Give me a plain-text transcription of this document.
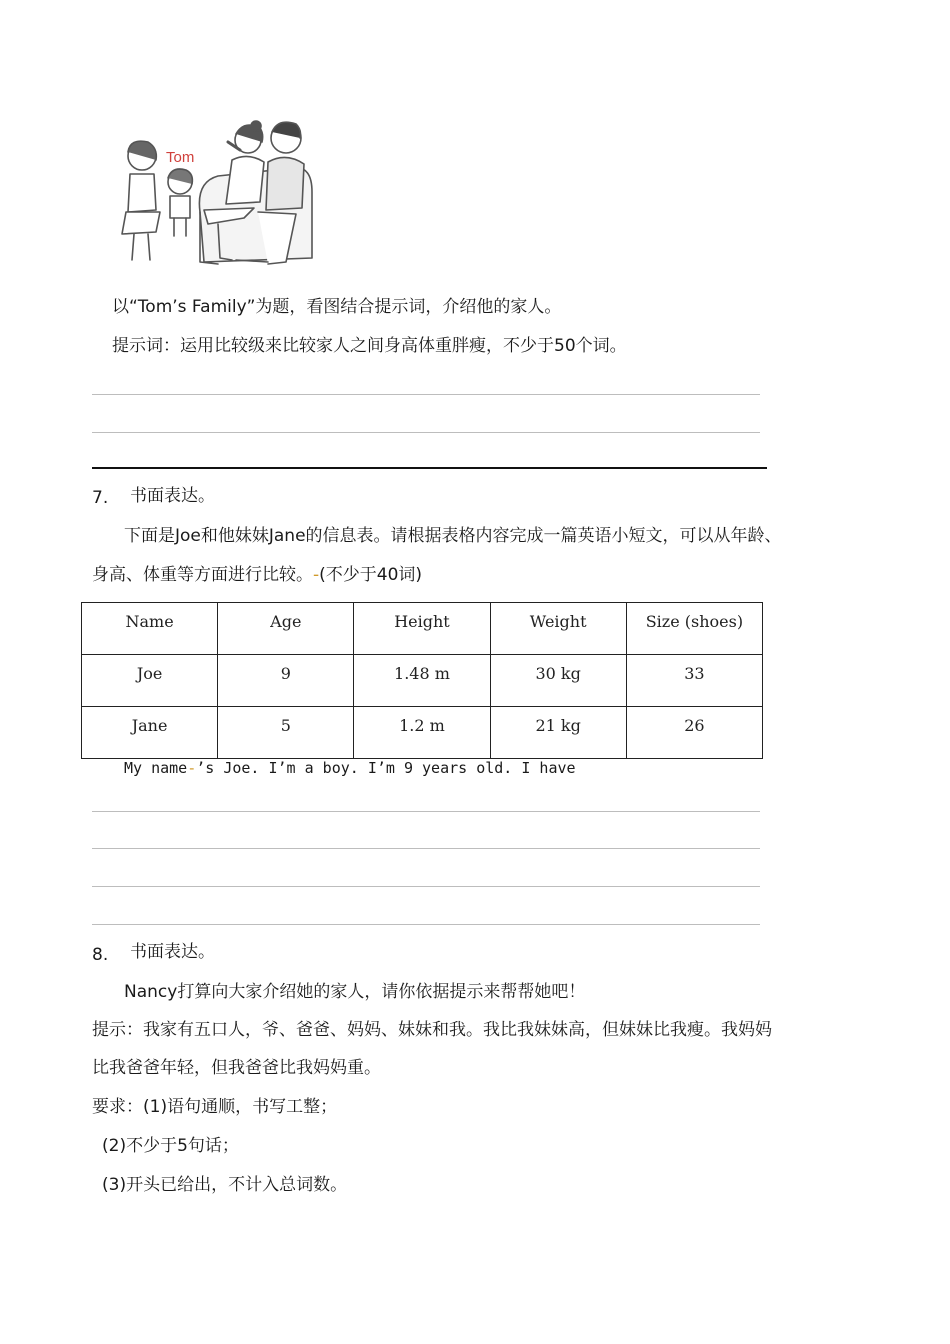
Tom
以“Tom’s Family”为题，看图结合提示词，介绍他的家人。
提示词：运用比较级来比较家人之间身高体重胖瘦，不少于50个词。
7. 书面表达。
下面是Joe和他妹妹Jane的信息表。请根据表格内容完成一篇英语小短文，可以从年龄、
身高、体重等方面进行比较。-(不少于40词)
Name	Age	Height	Weight	Size (shoes)
Joe	9	1.48 m	30 kg	33
Jane	5	1.2 m	21 kg	26
My name-’s Joe. I’m a boy. I’m 9 years old. I have
8. 书面表达。
Nancy打算向大家介绍她的家人，请你依据提示来帮帮她吧！
提示：我家有五口人，爷、爸爸、妈妈、妹妹和我。我比我妹妹高，但妹妹比我瘦。我妈妈
比我爸爸年轻，但我爸爸比我妈妈重。
要求：(1)语句通顺，书写工整；
(2)不少于5句话；
(3)开头已给出，不计入总词数。
